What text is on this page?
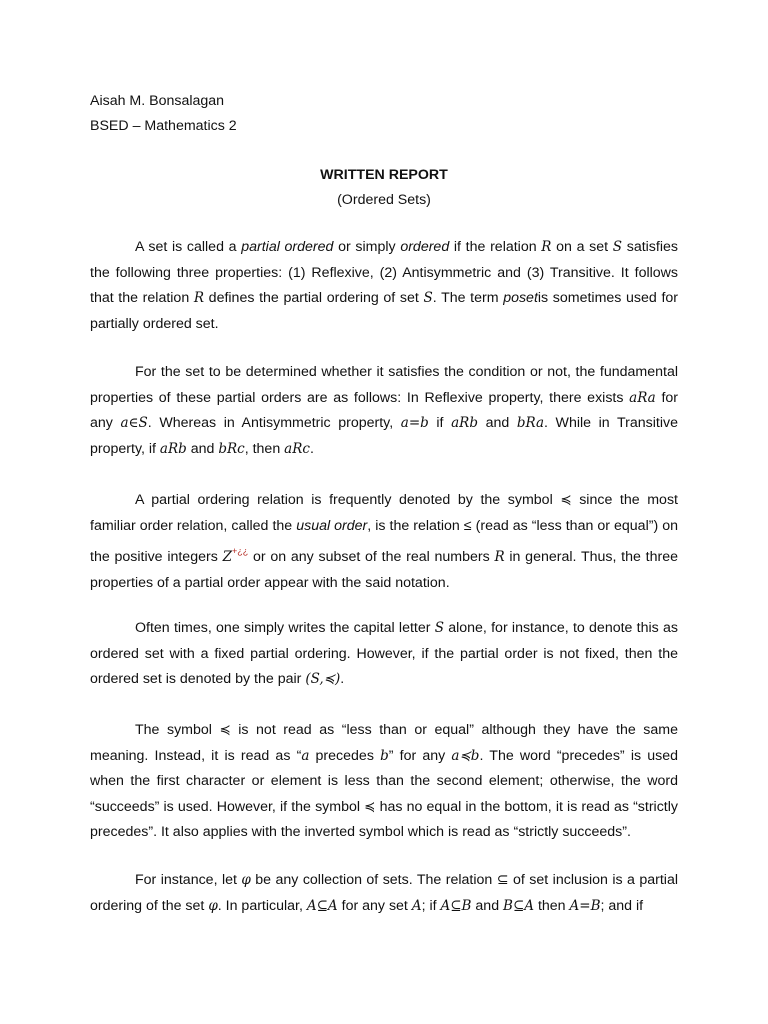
Aisah M. Bonsalagan
BSED – Mathematics 2
WRITTEN REPORT
(Ordered Sets)
A set is called a partial ordered or simply ordered if the relation R on a set S satisfies the following three properties: (1) Reflexive, (2) Antisymmetric and (3) Transitive. It follows that the relation R defines the partial ordering of set S. The term posetis sometimes used for partially ordered set.
For the set to be determined whether it satisfies the condition or not, the fundamental properties of these partial orders are as follows: In Reflexive property, there exists aRa for any a∈S. Whereas in Antisymmetric property, a=b if aRb and bRa. While in Transitive property, if aRb and bRc, then aRc.
A partial ordering relation is frequently denoted by the symbol ≼ since the most familiar order relation, called the usual order, is the relation ≤ (read as “less than or equal”) on the positive integers Z+¿¿ or on any subset of the real numbers R in general. Thus, the three properties of a partial order appear with the said notation.
Often times, one simply writes the capital letter S alone, for instance, to denote this as ordered set with a fixed partial ordering. However, if the partial order is not fixed, then the ordered set is denoted by the pair (S,≼).
The symbol ≼ is not read as “less than or equal” although they have the same meaning. Instead, it is read as “a precedes b” for any a≼b. The word “precedes” is used when the first character or element is less than the second element; otherwise, the word “succeeds” is used. However, if the symbol ≼ has no equal in the bottom, it is read as “strictly precedes”. It also applies with the inverted symbol which is read as “strictly succeeds”.
For instance, let φ be any collection of sets. The relation ⊆ of set inclusion is a partial ordering of the set φ. In particular, A⊆A for any set A; if A⊆B and B⊆A then A=B; and if
